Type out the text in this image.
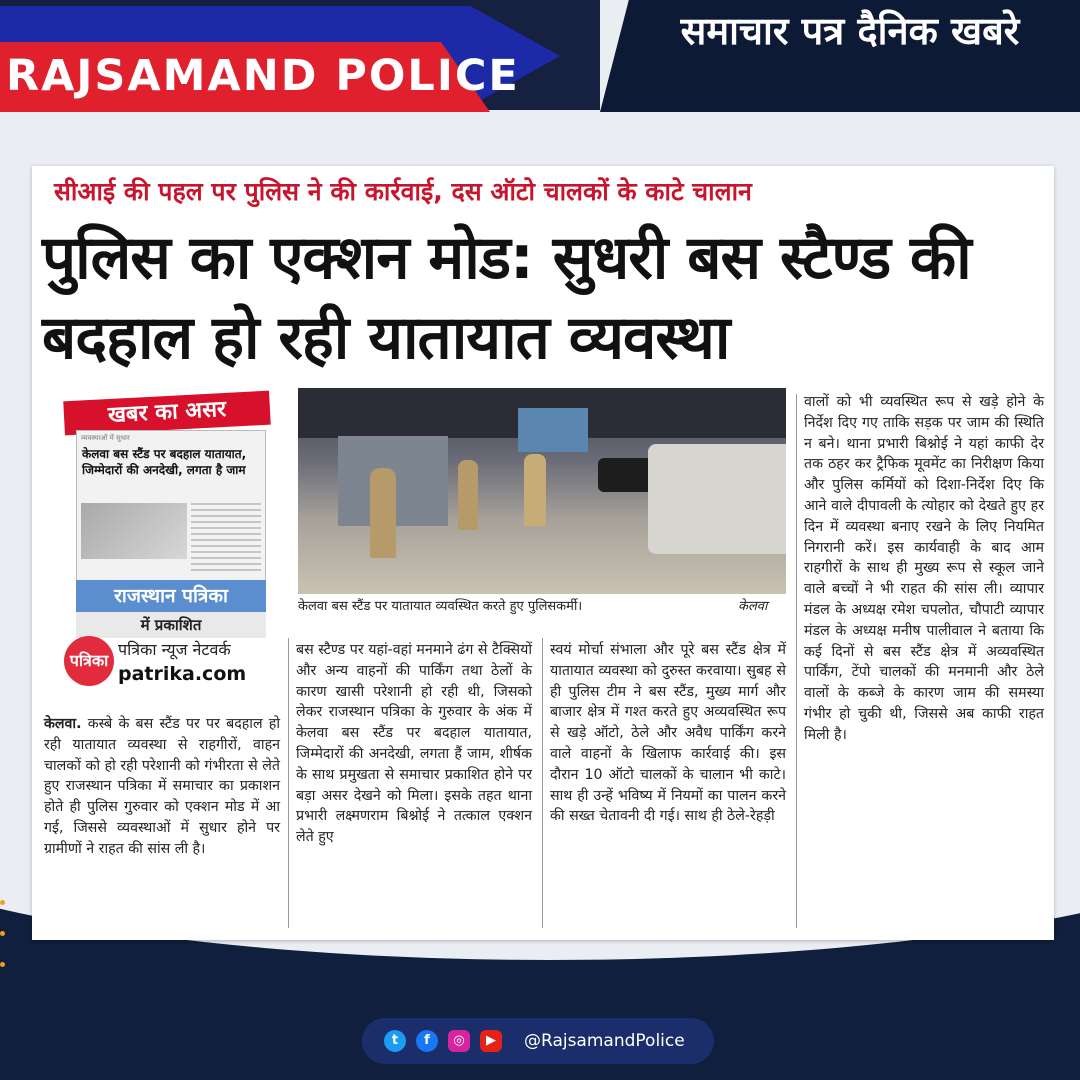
RAJSAMAND POLICE
समाचार पत्र दैनिक खबरे
सीआई की पहल पर पुलिस ने की कार्रवाई, दस ऑटो चालकों के काटे चालान
पुलिस का एक्शन मोड: सुधरी बस स्टैण्ड की बदहाल हो रही यातायात व्यवस्था
खबर का असर
व्यवस्थाओं में सुधार
केलवा बस स्टैंड पर बदहाल यातायात, जिम्मेदारों की अनदेखी, लगता है जाम
राजस्थान पत्रिका
में प्रकाशित
पत्रिका
पत्रिका न्यूज नेटवर्क
patrika.com
केलवा बस स्टैंड पर यातायात व्यवस्थित करते हुए पुलिसकर्मी।	केलवा
केलवा. कस्बे के बस स्टैंड पर पर बदहाल हो रही यातायात व्यवस्था से राहगीरों, वाहन चालकों को हो रही परेशानी को गंभीरता से लेते हुए राजस्थान पत्रिका में समाचार का प्रकाशन होते ही पुलिस गुरुवार को एक्शन मोड में आ गई, जिससे व्यवस्थाओं में सुधार होने पर ग्रामीणों ने राहत की सांस ली है।
बस स्टैण्ड पर यहां-वहां मनमाने ढंग से टैक्सियों और अन्य वाहनों की पार्किंग तथा ठेलों के कारण खासी परेशानी हो रही थी, जिसको लेकर राजस्थान पत्रिका के गुरुवार के अंक में केलवा बस स्टैंड पर बदहाल यातायात, जिम्मेदारों की अनदेखी, लगता हैं जाम, शीर्षक के साथ प्रमुखता से समाचार प्रकाशित होने पर बड़ा असर देखने को मिला। इसके तहत थाना प्रभारी लक्ष्मणराम बिश्नोई ने तत्काल एक्शन लेते हुए
स्वयं मोर्चा संभाला और पूरे बस स्टैंड क्षेत्र में यातायात व्यवस्था को दुरुस्त करवाया। सुबह से ही पुलिस टीम ने बस स्टैंड, मुख्य मार्ग और बाजार क्षेत्र में गश्त करते हुए अव्यवस्थित रूप से खड़े ऑटो, ठेले और अवैध पार्किंग करने वाले वाहनों के खिलाफ कार्रवाई की। इस दौरान 10 ऑटो चालकों के चालान भी काटे। साथ ही उन्हें भविष्य में नियमों का पालन करने की सख्त चेतावनी दी गई। साथ ही ठेले-रेहड़ी
वालों को भी व्यवस्थित रूप से खड़े होने के निर्देश दिए गए ताकि सड़क पर जाम की स्थिति न बने। थाना प्रभारी बिश्नोई ने यहां काफी देर तक ठहर कर ट्रैफिक मूवमेंट का निरीक्षण किया और पुलिस कर्मियों को दिशा-निर्देश दिए कि आने वाले दीपावली के त्योहार को देखते हुए हर दिन में व्यवस्था बनाए रखने के लिए नियमित निगरानी करें। इस कार्यवाही के बाद आम राहगीरों के साथ ही मुख्य रूप से स्कूल जाने वाले बच्चों ने भी राहत की सांस ली। व्यापार मंडल के अध्यक्ष रमेश चपलोत, चौपाटी व्यापार मंडल के अध्यक्ष मनीष पालीवाल ने बताया कि कई दिनों से बस स्टैंड क्षेत्र में अव्यवस्थित पार्किंग, टेंपो चालकों की मनमानी और ठेले वालों के कब्जे के कारण जाम की समस्या गंभीर हो चुकी थी, जिससे अब काफी राहत मिली है।
t	f	◎	▶	@RajsamandPolice
